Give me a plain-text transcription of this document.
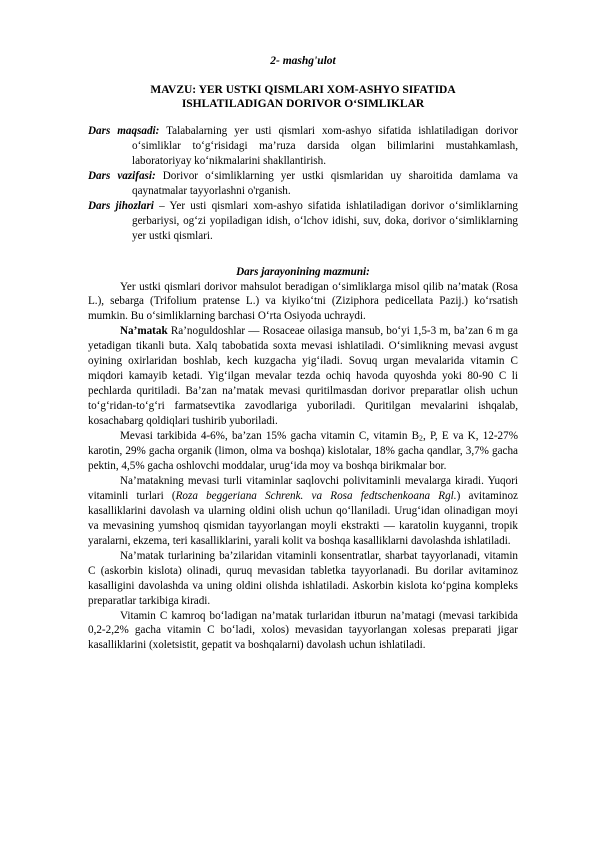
2- mashg'ulot
MAVZU: YER USTKI QISMLARI XOM-ASHYO SIFATIDA
ISHLATILADIGAN DORIVOR O‘SIMLIKLAR

Dars maqsadi: Talabalarning yer usti qismlari xom-ashyo sifatida ishlatiladigan dorivor o‘simliklar to‘g‘risidagi ma’ruza darsida olgan bilimlarini mustahkamlash, laboratoriyay ko‘nikmalarini shakllantirish.

Dars vazifasi: Dorivor o‘simliklarning yer ustki qismlaridan uy sharoitida damlama va qaynatmalar tayyorlashni o'rganish.

Dars jihozlari – Yer usti qismlari xom-ashyo sifatida ishlatiladigan dorivor o‘simliklarning gerbariysi, og‘zi yopiladigan idish, o‘lchov idishi, suv, doka, dorivor o‘simliklarning yer ustki qismlari.

Dars jarayonining mazmuni:

Yer ustki qismlari dorivor mahsulot beradigan o‘simliklarga misol qilib na’matak (Rosa L.), sebarga (Trifolium pratense L.) va kiyiko‘tni (Ziziphora pedicellata Pazij.) ko‘rsatish mumkin. Bu o‘simliklarning barchasi O‘rta Osiyoda uchraydi.

Na’matak Ra’noguldoshlar — Rosaceae oilasiga mansub, bo‘yi 1,5-3 m, ba’zan 6 m ga yetadigan tikanli buta. Xalq tabobatida soxta mevasi ishlatiladi. O‘simlikning mevasi avgust oyining oxirlaridan boshlab, kech kuzgacha yig‘iladi. Sovuq urgan mevalarida vitamin C miqdori kamayib ketadi. Yig‘ilgan mevalar tezda ochiq havoda quyoshda yoki 80-90 C li pechlarda quritiladi. Ba’zan na’matak mevasi quritilmasdan dorivor preparatlar olish uchun to‘g‘ridan-to‘g‘ri farmatsevtika zavodlariga yuboriladi. Quritilgan mevalarini ishqalab, kosachabarg qoldiqlari tushirib yuboriladi.

Mevasi tarkibida 4-6%, ba’zan 15% gacha vitamin C, vitamin $B_2$, P, E va K, 12-27% karotin, 29% gacha organik (limon, olma va boshqa) kislotalar, 18% gacha qandlar, 3,7% gacha pektin, 4,5% gacha oshlovchi moddalar, urug‘ida moy va boshqa birikmalar bor.

Na’matakning mevasi turli vitaminlar saqlovchi polivitaminli mevalarga kiradi. Yuqori vitaminli turlari (Roza beggeriana Schrenk. va Rosa fedtschenkoana Rgl.) avitaminoz kasalliklarini davolash va ularning oldini olish uchun qo‘llaniladi. Urug‘idan olinadigan moyi va mevasining yumshoq qismidan tayyorlangan moyli ekstrakti — karatolin kuyganni, tropik yaralarni, ekzema, teri kasalliklarini, yarali kolit va boshqa kasalliklarni davolashda ishlatiladi.

Na’matak turlarining ba’zilaridan vitaminli konsentratlar, sharbat tayyorlanadi, vitamin C (askorbin kislota) olinadi, quruq mevasidan tabletka tayyorlanadi. Bu dorilar avitaminoz kasalligini davolashda va uning oldini olishda ishlatiladi. Askorbin kislota ko‘pgina kompleks preparatlar tarkibiga kiradi.

Vitamin C kamroq bo‘ladigan na’matak turlaridan itburun na’matagi (mevasi tarkibida 0,2-2,2% gacha vitamin C bo‘ladi, xolos) mevasidan tayyorlangan xolesas preparati jigar kasalliklarini (xoletsistit, gepatit va boshqalarni) davolash uchun ishlatiladi.
